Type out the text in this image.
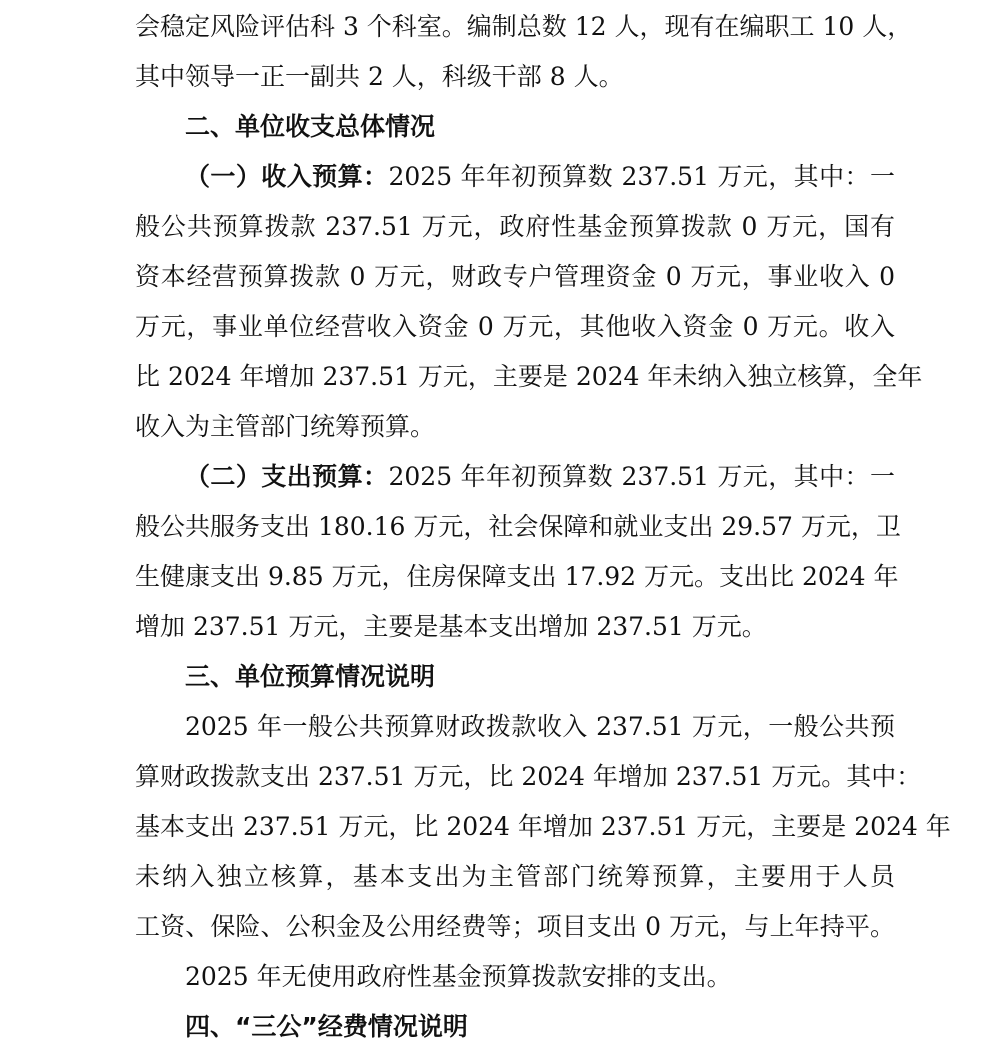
会稳定风险评估科 3 个科室。编制总数 12 人，现有在编职工 10 人，
其中领导一正一副共 2 人，科级干部 8 人。
二、单位收支总体情况
（一）收入预算：2025 年年初预算数 237.51 万元，其中：一
般公共预算拨款 237.51 万元，政府性基金预算拨款 0 万元，国有
资本经营预算拨款 0 万元，财政专户管理资金 0 万元，事业收入 0
万元，事业单位经营收入资金 0 万元，其他收入资金 0 万元。收入
比 2024 年增加 237.51 万元，主要是 2024 年未纳入独立核算，全年
收入为主管部门统筹预算。
（二）支出预算：2025 年年初预算数 237.51 万元，其中：一
般公共服务支出 180.16 万元，社会保障和就业支出 29.57 万元，卫
生健康支出 9.85 万元，住房保障支出 17.92 万元。支出比 2024 年
增加 237.51 万元，主要是基本支出增加 237.51 万元。
三、单位预算情况说明
2025 年一般公共预算财政拨款收入 237.51 万元，一般公共预
算财政拨款支出 237.51 万元，比 2024 年增加 237.51 万元。其中：
基本支出 237.51 万元，比 2024 年增加 237.51 万元，主要是 2024 年
未纳入独立核算，基本支出为主管部门统筹预算，主要用于人员
工资、保险、公积金及公用经费等；项目支出 0 万元，与上年持平。
2025 年无使用政府性基金预算拨款安排的支出。
四、“三公”经费情况说明
